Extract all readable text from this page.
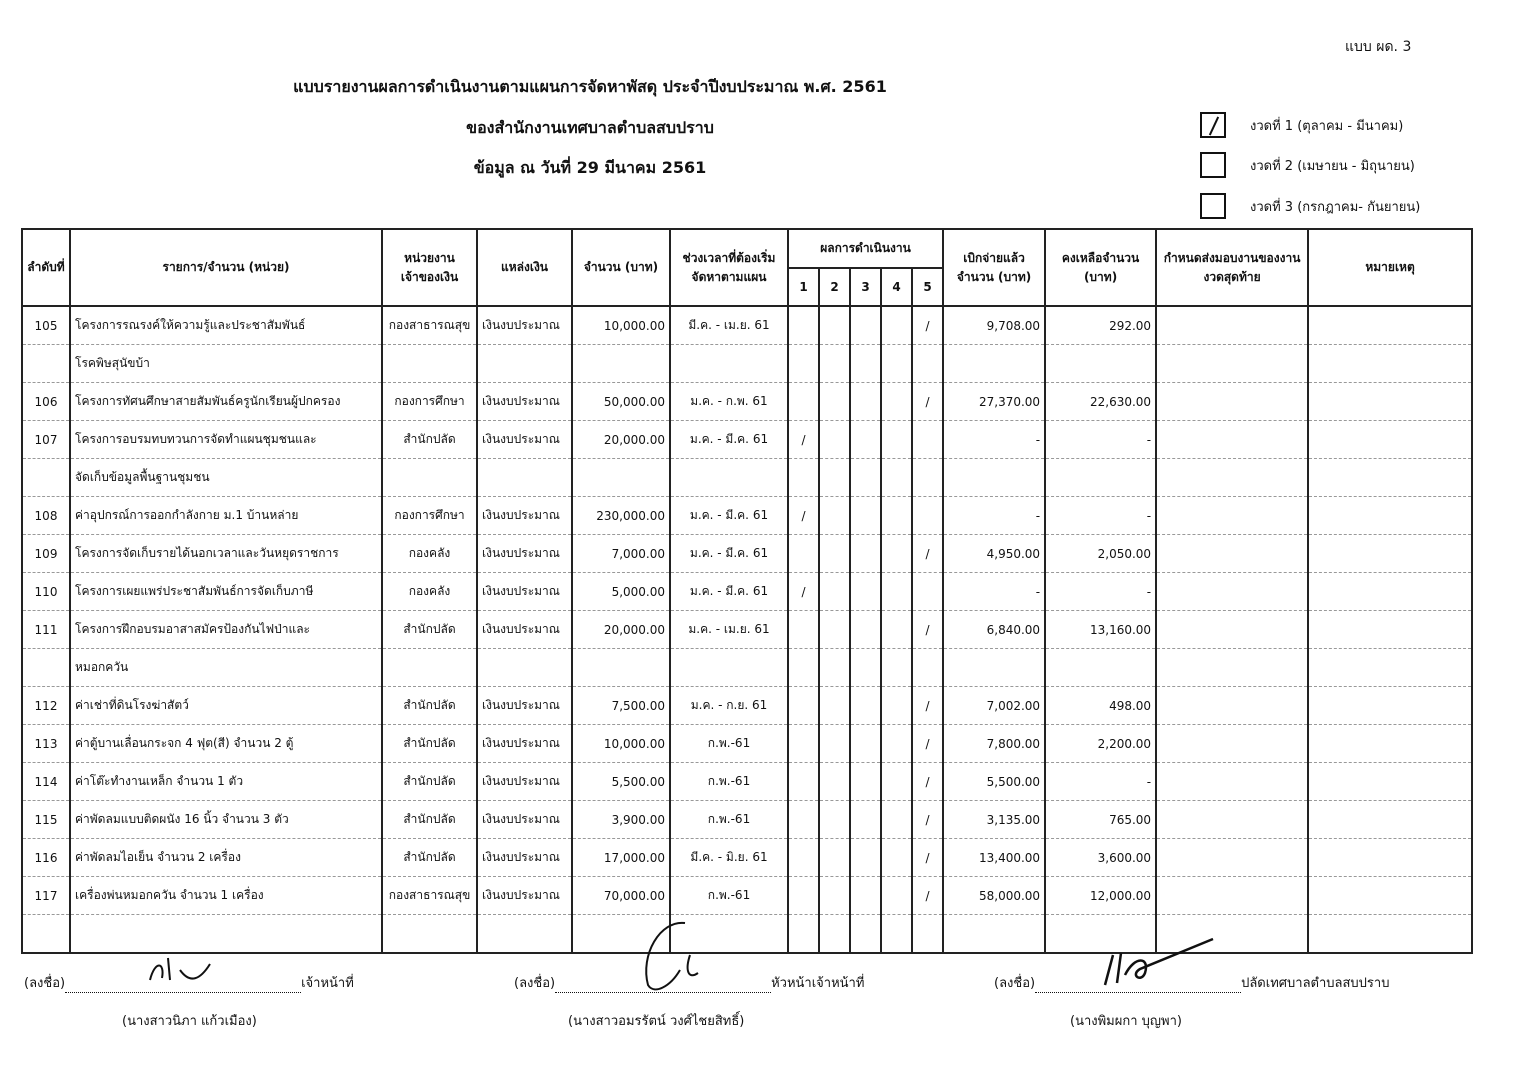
แบบ ผด. 3
แบบรายงานผลการดำเนินงานตามแผนการจัดหาพัสดุ ประจำปีงบประมาณ พ.ศ. 2561
ของสำนักงานเทศบาลตำบลสบปราบ
ข้อมูล ณ วันที่ 29 มีนาคม 2561
งวดที่ 1 (ตุลาคม - มีนาคม)
งวดที่ 2 (เมษายน - มิถุนายน)
งวดที่ 3 (กรกฎาคม- กันยายน)
ลำดับที่	รายการ/จำนวน (หน่วย)	หน่วยงานเจ้าของเงิน	แหล่งเงิน	จำนวน (บาท)	ช่วงเวลาที่ต้องเริ่มจัดหาตามแผน	ผลการดำเนินงาน					เบิกจ่ายแล้วจำนวน (บาท)	คงเหลือจำนวน (บาท)	กำหนดส่งมอบงานของงานงวดสุดท้าย	หมายเหตุ
						1	2	3	4	5				
105	โครงการรณรงค์ให้ความรู้และประชาสัมพันธ์	กองสาธารณสุข	เงินงบประมาณ	10,000.00	มี.ค. - เม.ย. 61					/	9,708.00	292.00		
	โรคพิษสุนัขบ้า													
106	โครงการทัศนศึกษาสายสัมพันธ์ครูนักเรียนผู้ปกครอง	กองการศึกษา	เงินงบประมาณ	50,000.00	ม.ค. - ก.พ. 61					/	27,370.00	22,630.00		
107	โครงการอบรมทบทวนการจัดทำแผนชุมชนและ	สำนักปลัด	เงินงบประมาณ	20,000.00	ม.ค. - มี.ค. 61	/					-	-		
	จัดเก็บข้อมูลพื้นฐานชุมชน													
108	ค่าอุปกรณ์การออกกำลังกาย ม.1 บ้านหล่าย	กองการศึกษา	เงินงบประมาณ	230,000.00	ม.ค. - มี.ค. 61	/					-	-		
109	โครงการจัดเก็บรายได้นอกเวลาและวันหยุดราชการ	กองคลัง	เงินงบประมาณ	7,000.00	ม.ค. - มี.ค. 61					/	4,950.00	2,050.00		
110	โครงการเผยแพร่ประชาสัมพันธ์การจัดเก็บภาษี	กองคลัง	เงินงบประมาณ	5,000.00	ม.ค. - มี.ค. 61	/					-	-		
111	โครงการฝึกอบรมอาสาสมัครป้องกันไฟป่าและ	สำนักปลัด	เงินงบประมาณ	20,000.00	ม.ค. - เม.ย. 61					/	6,840.00	13,160.00		
	หมอกควัน													
112	ค่าเช่าที่ดินโรงฆ่าสัตว์	สำนักปลัด	เงินงบประมาณ	7,500.00	ม.ค. - ก.ย. 61					/	7,002.00	498.00		
113	ค่าตู้บานเลื่อนกระจก 4 ฟุต(สี) จำนวน 2 ตู้	สำนักปลัด	เงินงบประมาณ	10,000.00	ก.พ.-61					/	7,800.00	2,200.00		
114	ค่าโต๊ะทำงานเหล็ก จำนวน 1 ตัว	สำนักปลัด	เงินงบประมาณ	5,500.00	ก.พ.-61					/	5,500.00	-		
115	ค่าพัดลมแบบติดผนัง 16 นิ้ว จำนวน 3 ตัว	สำนักปลัด	เงินงบประมาณ	3,900.00	ก.พ.-61					/	3,135.00	765.00		
116	ค่าพัดลมไอเย็น จำนวน 2 เครื่อง	สำนักปลัด	เงินงบประมาณ	17,000.00	มี.ค. - มิ.ย. 61					/	13,400.00	3,600.00		
117	เครื่องพ่นหมอกควัน จำนวน 1 เครื่อง	กองสาธารณสุข	เงินงบประมาณ	70,000.00	ก.พ.-61					/	58,000.00	12,000.00		

(ลงชื่อ)	เจ้าหน้าที่
(นางสาวนิภา แก้วเมือง)
(ลงชื่อ)	หัวหน้าเจ้าหน้าที่
(นางสาวอมรรัตน์ วงศ์ไชยสิทธิ์)
(ลงชื่อ)	ปลัดเทศบาลตำบลสบปราบ
(นางพิมผกา บุญพา)
